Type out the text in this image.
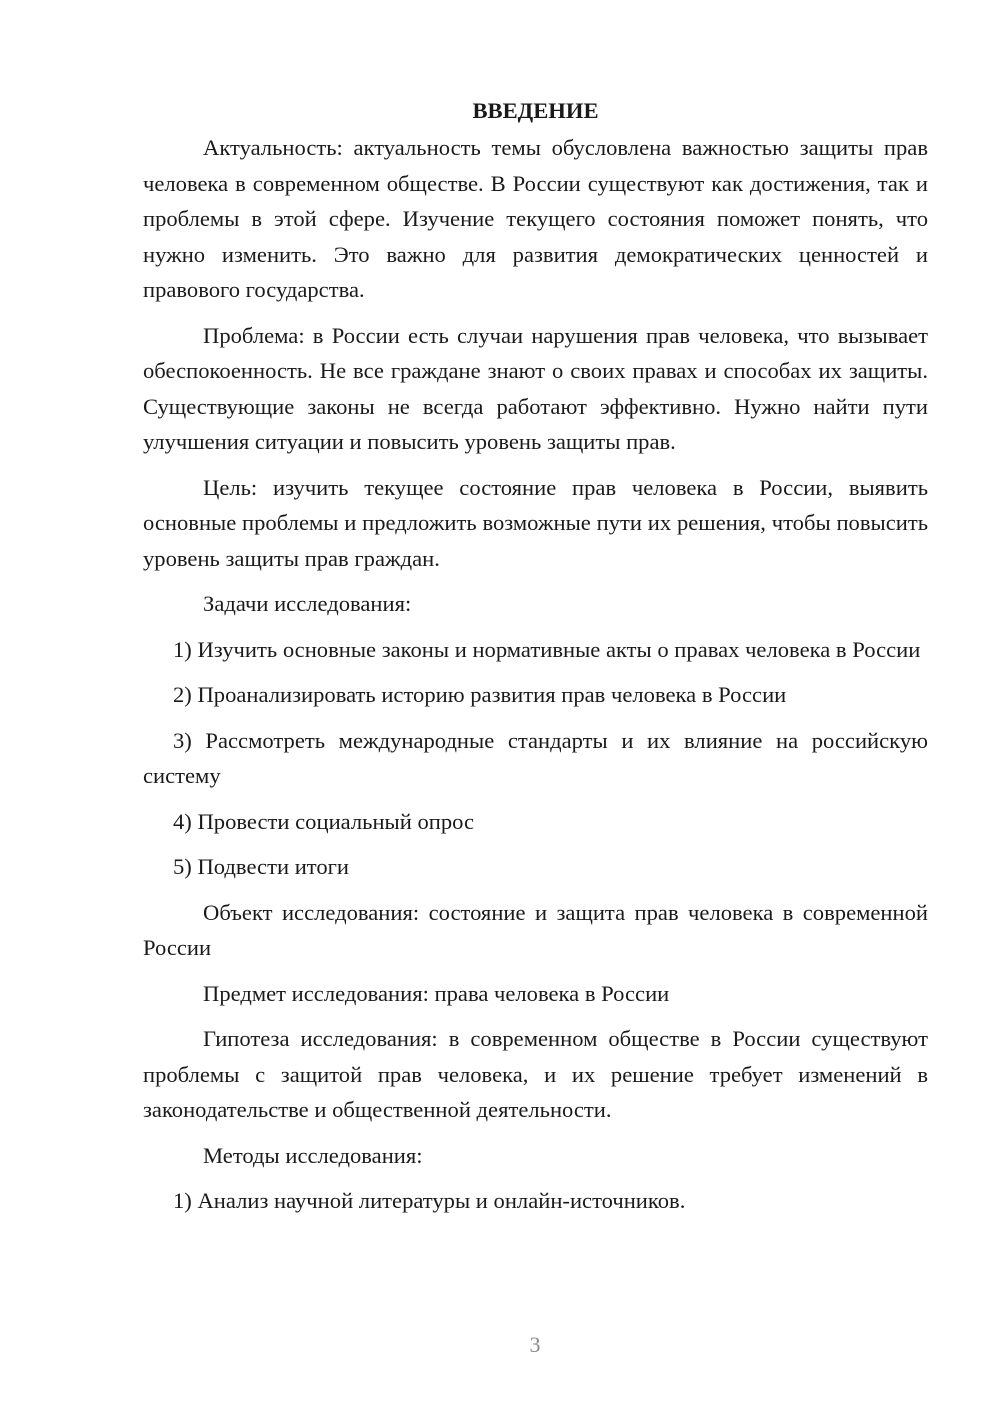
ВВЕДЕНИЕ

Актуальность: актуальность темы обусловлена важностью защиты прав человека в современном обществе. В России существуют как достижения, так и проблемы в этой сфере. Изучение текущего состояния поможет понять, что нужно изменить. Это важно для развития демократических ценностей и правового государства.

Проблема: в России есть случаи нарушения прав человека, что вызывает обеспокоенность. Не все граждане знают о своих правах и способах их защиты. Существующие законы не всегда работают эффективно. Нужно найти пути улучшения ситуации и повысить уровень защиты прав.

Цель: изучить текущее состояние прав человека в России, выявить основные проблемы и предложить возможные пути их решения, чтобы повысить уровень защиты прав граждан.

Задачи исследования:

1) Изучить основные законы и нормативные акты о правах человека в России

2) Проанализировать историю развития прав человека в России

3) Рассмотреть международные стандарты и их влияние на российскую систему

4) Провести социальный опрос

5) Подвести итоги

Объект исследования: состояние и защита прав человека в современной России

Предмет исследования: права человека в России

Гипотеза исследования: в современном обществе в России существуют проблемы с защитой прав человека, и их решение требует изменений в законодательстве и общественной деятельности.

Методы исследования:

1) Анализ научной литературы и онлайн-источников.

3
